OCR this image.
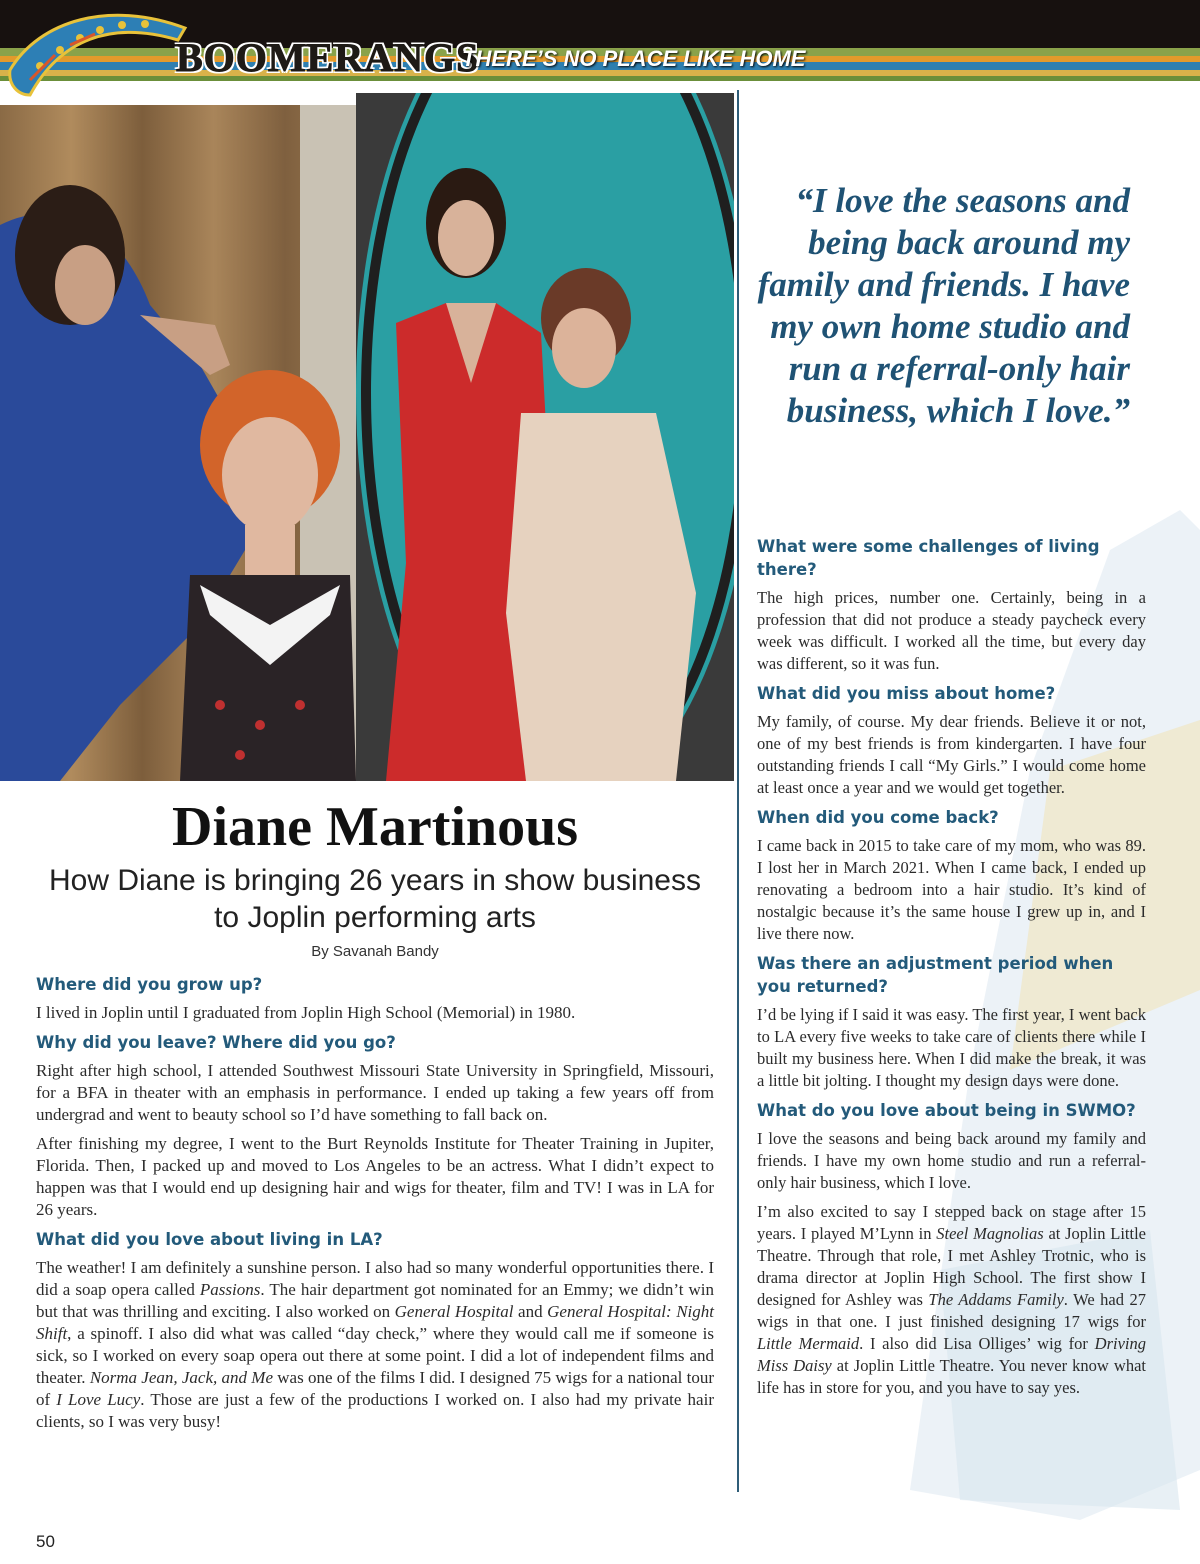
BOOMERANGS
THERE’S NO PLACE LIKE HOME

“I love the seasons and being back around my family and friends. I have my own home studio and run a referral-only hair business, which I love.”

Diane Martinous

How Diane is bringing 26 years in show business to Joplin performing arts

By Savanah Bandy

Where did you grow up?

I lived in Joplin until I graduated from Joplin High School (Memorial) in 1980.

Why did you leave? Where did you go?

Right after high school, I attended Southwest Missouri State University in Springfield, Missouri, for a BFA in theater with an emphasis in performance. I ended up taking a few years off from undergrad and went to beauty school so I’d have something to fall back on.

After finishing my degree, I went to the Burt Reynolds Institute for Theater Training in Jupiter, Florida. Then, I packed up and moved to Los Angeles to be an actress. What I didn’t expect to happen was that I would end up designing hair and wigs for theater, film and TV! I was in LA for 26 years.

What did you love about living in LA?

The weather! I am definitely a sunshine person. I also had so many wonderful opportunities there. I did a soap opera called Passions. The hair department got nominated for an Emmy; we didn’t win but that was thrilling and exciting. I also worked on General Hospital and General Hospital: Night Shift, a spinoff. I also did what was called “day check,” where they would call me if someone is sick, so I worked on every soap opera out there at some point. I did a lot of independent films and theater. Norma Jean, Jack, and Me was one of the films I did. I designed 75 wigs for a national tour of I Love Lucy. Those are just a few of the productions I worked on. I also had my private hair clients, so I was very busy!

What were some challenges of living there?

The high prices, number one. Certainly, being in a profession that did not produce a steady paycheck every week was difficult. I worked all the time, but every day was different, so it was fun.

What did you miss about home?

My family, of course. My dear friends. Believe it or not, one of my best friends is from kindergarten. I have four outstanding friends I call “My Girls.” I would come home at least once a year and we would get together.

When did you come back?

I came back in 2015 to take care of my mom, who was 89. I lost her in March 2021. When I came back, I ended up renovating a bedroom into a hair studio. It’s kind of nostalgic because it’s the same house I grew up in, and I live there now.

Was there an adjustment period when you returned?

I’d be lying if I said it was easy. The first year, I went back to LA every five weeks to take care of clients there while I built my business here. When I did make the break, it was a little bit jolting. I thought my design days were done.

What do you love about being in SWMO?

I love the seasons and being back around my family and friends. I have my own home studio and run a referral-only hair business, which I love.

I’m also excited to say I stepped back on stage after 15 years. I played M’Lynn in Steel Magnolias at Joplin Little Theatre. Through that role, I met Ashley Trotnic, who is drama director at Joplin High School. The first show I designed for Ashley was The Addams Family. We had 27 wigs in that one. I just finished designing 17 wigs for Little Mermaid. I also did Lisa Olliges’ wig for Driving Miss Daisy at Joplin Little Theatre. You never know what life has in store for you, and you have to say yes.

50
